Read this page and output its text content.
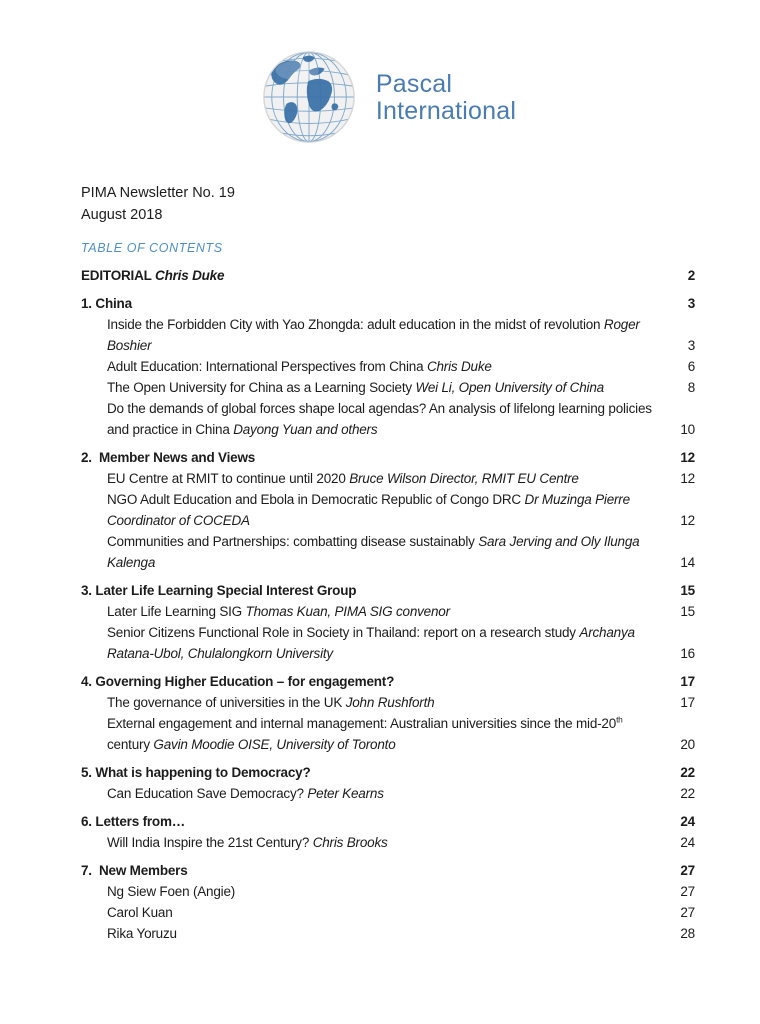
Pascal
International
PIMA Newsletter No. 19
August 2018
TABLE OF CONTENTS
EDITORIAL Chris Duke	2
1. China	3
Inside the Forbidden City with Yao Zhongda: adult education in the midst of revolution Roger Boshier	3
Adult Education: International Perspectives from China Chris Duke	6
The Open University for China as a Learning Society Wei Li, Open University of China	8
Do the demands of global forces shape local agendas? An analysis of lifelong learning policies and practice in China Dayong Yuan and others	10
2.  Member News and Views	12
EU Centre at RMIT to continue until 2020 Bruce Wilson Director, RMIT EU Centre	12
NGO Adult Education and Ebola in Democratic Republic of Congo DRC Dr Muzinga Pierre Coordinator of COCEDA	12
Communities and Partnerships: combatting disease sustainably Sara Jerving and Oly Ilunga Kalenga	14
3. Later Life Learning Special Interest Group	15
Later Life Learning SIG Thomas Kuan, PIMA SIG convenor	15
Senior Citizens Functional Role in Society in Thailand: report on a research study Archanya Ratana-Ubol, Chulalongkorn University	16
4. Governing Higher Education – for engagement?	17
The governance of universities in the UK John Rushforth	17
External engagement and internal management: Australian universities since the mid-20th century Gavin Moodie OISE, University of Toronto	20
5. What is happening to Democracy?	22
Can Education Save Democracy? Peter Kearns	22
6. Letters from…	24
Will India Inspire the 21st Century? Chris Brooks	24
7.  New Members	27
Ng Siew Foen (Angie)	27
Carol Kuan	27
Rika Yoruzu	28
